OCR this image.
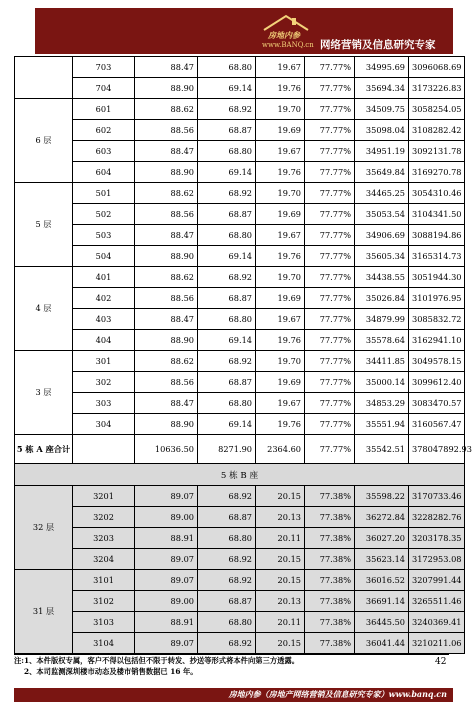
房地内参
www.BANQ.cn 网络营销及信息研究专家
	703	88.47	68.80	19.67	77.77%	34995.69	3096068.69
	704	88.90	69.14	19.76	77.77%	35694.34	3173226.83
6 层	601	88.62	68.92	19.70	77.77%	34509.75	3058254.05
	602	88.56	68.87	19.69	77.77%	35098.04	3108282.42
	603	88.47	68.80	19.67	77.77%	34951.19	3092131.78
	604	88.90	69.14	19.76	77.77%	35649.84	3169270.78
5 层	501	88.62	68.92	19.70	77.77%	34465.25	3054310.46
	502	88.56	68.87	19.69	77.77%	35053.54	3104341.50
	503	88.47	68.80	19.67	77.77%	34906.69	3088194.86
	504	88.90	69.14	19.76	77.77%	35605.34	3165314.73
4 层	401	88.62	68.92	19.70	77.77%	34438.55	3051944.30
	402	88.56	68.87	19.69	77.77%	35026.84	3101976.95
	403	88.47	68.80	19.67	77.77%	34879.99	3085832.72
	404	88.90	69.14	19.76	77.77%	35578.64	3162941.10
3 层	301	88.62	68.92	19.70	77.77%	34411.85	3049578.15
	302	88.56	68.87	19.69	77.77%	35000.14	3099612.40
	303	88.47	68.80	19.67	77.77%	34853.29	3083470.57
	304	88.90	69.14	19.76	77.77%	35551.94	3160567.47
5 栋 A 座合计		10636.50	8271.90	2364.60	77.77%	35542.51	378047892.93
5 栋 B 座							
32 层	3201	89.07	68.92	20.15	77.38%	35598.22	3170733.46
	3202	89.00	68.87	20.13	77.38%	36272.84	3228282.76
	3203	88.91	68.80	20.11	77.38%	36027.20	3203178.35
	3204	89.07	68.92	20.15	77.38%	35623.14	3172953.08
31 层	3101	89.07	68.92	20.15	77.38%	36016.52	3207991.44
	3102	89.00	68.87	20.13	77.38%	36691.14	3265511.46
	3103	88.91	68.80	20.11	77.38%	36445.50	3240369.41
	3104	89.07	68.92	20.15	77.38%	36041.44	3210211.06
注: 1、本件版权专属，客户不得以包括但不限于转发、抄送等形式将本件向第三方透露。
2、本司监测深圳楼市动态及楼市销售数据已 16 年。
42
房地内参（房地产网络营销及信息研究专家）www.banq.cn
